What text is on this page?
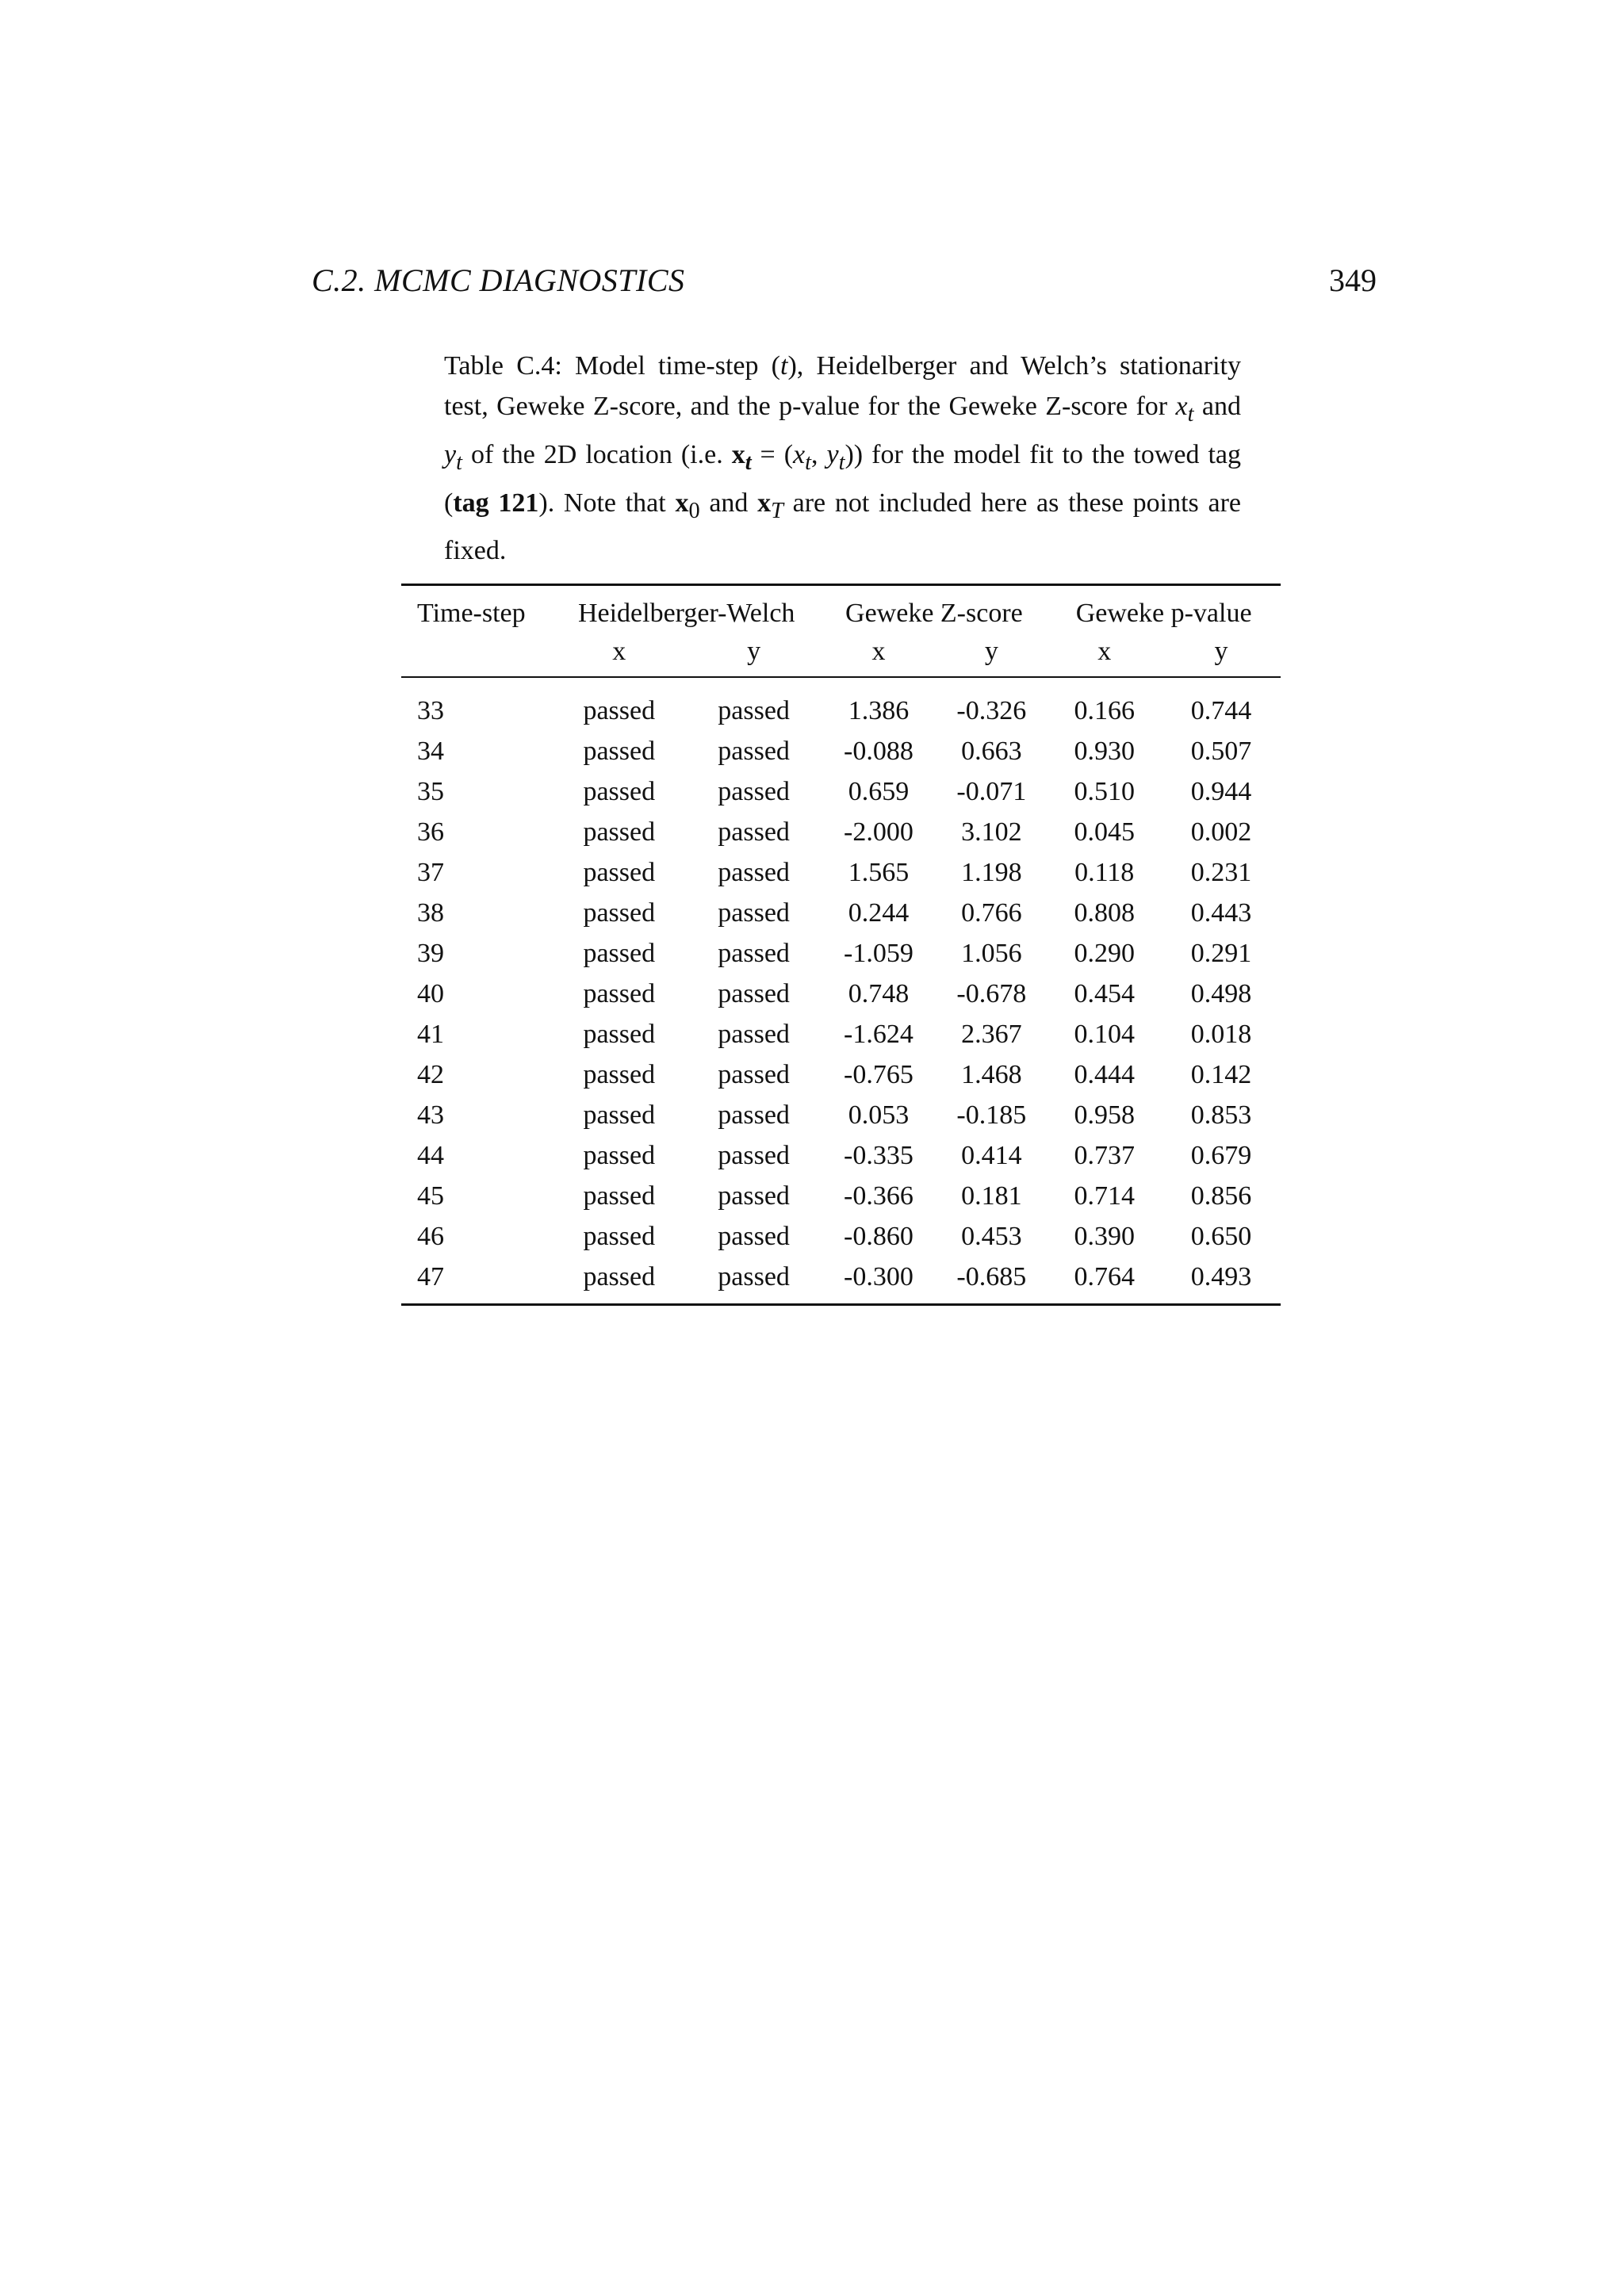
C.2. MCMC DIAGNOSTICS	349
Table C.4: Model time-step (t), Heidelberger and Welch’s stationarity test, Geweke Z-score, and the p-value for the Geweke Z-score for $x_t$ and $y_t$ of the 2D location (i.e. $x_t = (x_t$, $y_t$)) for the model fit to the towed tag (tag 121). Note that $x_0$ and $x_T$ are not included here as these points are fixed.
Time-step	Heidelberger-Welch		Geweke Z-score		Geweke p-value	
	x	y	x	y	x	y
33	passed	passed	1.386	-0.326	0.166	0.744
34	passed	passed	-0.088	0.663	0.930	0.507
35	passed	passed	0.659	-0.071	0.510	0.944
36	passed	passed	-2.000	3.102	0.045	0.002
37	passed	passed	1.565	1.198	0.118	0.231
38	passed	passed	0.244	0.766	0.808	0.443
39	passed	passed	-1.059	1.056	0.290	0.291
40	passed	passed	0.748	-0.678	0.454	0.498
41	passed	passed	-1.624	2.367	0.104	0.018
42	passed	passed	-0.765	1.468	0.444	0.142
43	passed	passed	0.053	-0.185	0.958	0.853
44	passed	passed	-0.335	0.414	0.737	0.679
45	passed	passed	-0.366	0.181	0.714	0.856
46	passed	passed	-0.860	0.453	0.390	0.650
47	passed	passed	-0.300	-0.685	0.764	0.493
